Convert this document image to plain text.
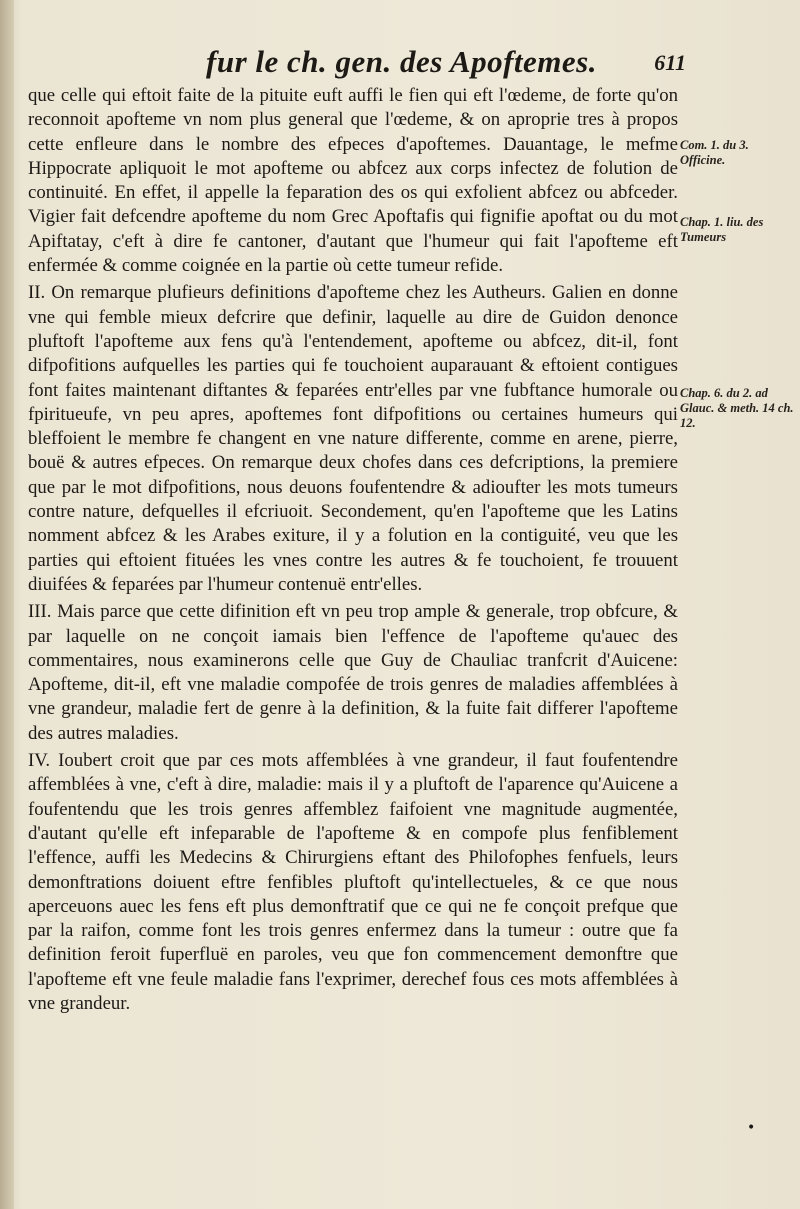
fur le ch. gen. des Apoftemes.	611

que celle qui eftoit faite de la pituite euft auffi le fien qui eft l'œdeme, de forte qu'on reconnoit apofteme vn nom plus general que l'œdeme, & on aproprie tres à propos cette enfleure dans le nombre des efpeces d'apoftemes. Dauantage, le mefme Hippocrate apliquoit le mot apofteme ou abfcez aux corps infectez de folution de continuité. En effet, il appelle la feparation des os qui exfolient abfcez ou abfceder. Vigier fait defcendre apofteme du nom Grec Apoftafis qui fignifie apoftat ou du mot Apiftatay, c'eft à dire fe cantoner, d'autant que l'humeur qui fait l'apofteme eft enfermée & comme coignée en la partie où cette tumeur refide.

II. On remarque plufieurs definitions d'apofteme chez les Autheurs. Galien en donne vne qui femble mieux defcrire que definir, laquelle au dire de Guidon denonce pluftoft l'apofteme aux fens qu'à l'entendement, apofteme ou abfcez, dit-il, font difpofitions aufquelles les parties qui fe touchoient auparauant & eftoient contigues font faites maintenant diftantes & feparées entr'elles par vne fubftance humorale ou fpiritueufe, vn peu apres, apoftemes font difpofitions ou certaines humeurs qui bleffoient le membre fe changent en vne nature differente, comme en arene, pierre, bouë & autres efpeces. On remarque deux chofes dans ces defcriptions, la premiere que par le mot difpofitions, nous deuons foufentendre & adioufter les mots tumeurs contre nature, defquelles il efcriuoit. Secondement, qu'en l'apofteme que les Latins nomment abfcez & les Arabes exiture, il y a folution en la contiguité, veu que les parties qui eftoient fituées les vnes contre les autres & fe touchoient, fe trouuent diuifées & feparées par l'humeur contenuë entr'elles.

III. Mais parce que cette difinition eft vn peu trop ample & generale, trop obfcure, & par laquelle on ne conçoit iamais bien l'effence de l'apofteme qu'auec des commentaires, nous examinerons celle que Guy de Chauliac tranfcrit d'Auicene: Apofteme, dit-il, eft vne maladie compofée de trois genres de maladies affemblées à vne grandeur, maladie fert de genre à la definition, & la fuite fait differer l'apofteme des autres maladies.

IV. Ioubert croit que par ces mots affemblées à vne grandeur, il faut foufentendre affemblées à vne, c'eft à dire, maladie: mais il y a pluftoft de l'aparence qu'Auicene a foufentendu que les trois genres affemblez faifoient vne magnitude augmentée, d'autant qu'elle eft infeparable de l'apofteme & en compofe plus fenfiblement l'effence, auffi les Medecins & Chirurgiens eftant des Philofophes fenfuels, leurs demonftrations doiuent eftre fenfibles pluftoft qu'intellectueles, & ce que nous aperceuons auec les fens eft plus demonftratif que ce qui ne fe conçoit prefque que par la raifon, comme font les trois genres enfermez dans la tumeur : outre que fa definition feroit fuperfluë en paroles, veu que fon commencement demonftre que l'apofteme eft vne feule maladie fans l'exprimer, derechef fous ces mots affemblées à vne grandeur.

Com. 1. du 3. Officine.
Chap. 1. liu. des Tumeurs
Chap. 6. du 2. ad Glauc. & meth. 14 ch. 12.
•
